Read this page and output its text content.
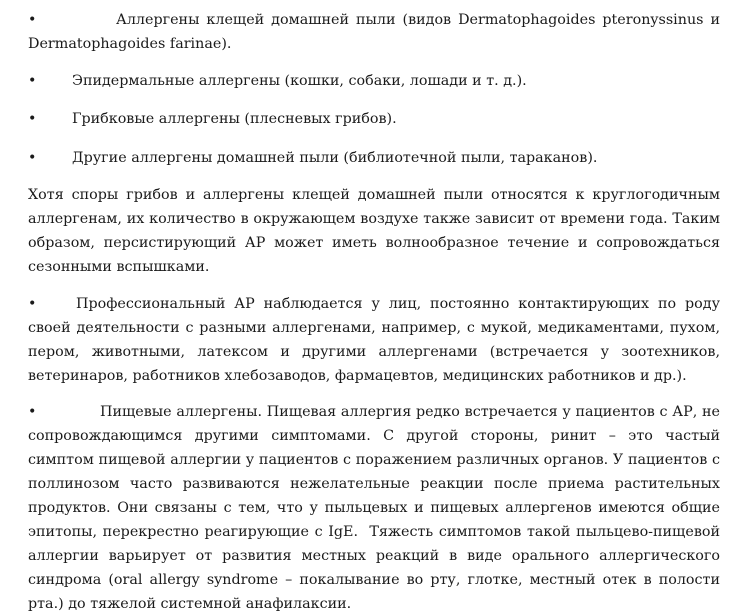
•	Аллергены клещей домашней пыли (видов Dermatophagoides pteronyssinus и Dermatophagoides farinae).

• Эпидермальные аллергены (кошки, собаки, лошади и т. д.).

• Грибковые аллергены (плесневых грибов).

• Другие аллергены домашней пыли (библиотечной пыли, тараканов).

Хотя споры грибов и аллергены клещей домашней пыли относятся к круглогодичным аллергенам, их количество в окружающем воздухе также зависит от времени года. Таким образом, персистирующий АР может иметь волнообразное течение и сопровождаться сезонными вспышками.

•	Профессиональный АР наблюдается у лиц, постоянно контактирующих по роду своей деятельности с разными аллергенами, например, с мукой, медикаментами, пухом, пером, животными, латексом и другими аллергенами (встречается у зоотехников, ветеринаров, работников хлебозаводов, фармацевтов, медицинских работников и др.).

•	Пищевые аллергены. Пищевая аллергия редко встречается у пациентов с АР, не сопровождающимся другими симптомами. С другой стороны, ринит – это частый симптом пищевой аллергии у пациентов с поражением различных органов. У пациентов с поллинозом часто развиваются нежелательные реакции после приема растительных продуктов. Они связаны с тем, что у пыльцевых и пищевых аллергенов имеются общие эпитопы, перекрестно реагирующие с IgE.  Тяжесть симптомов такой пыльцево-пищевой аллергии варьирует от развития местных реакций в виде орального аллергического синдрома (oral allergy syndrome – покалывание во рту, глотке, местный отек в полости рта.) до тяжелой системной анафилаксии.
